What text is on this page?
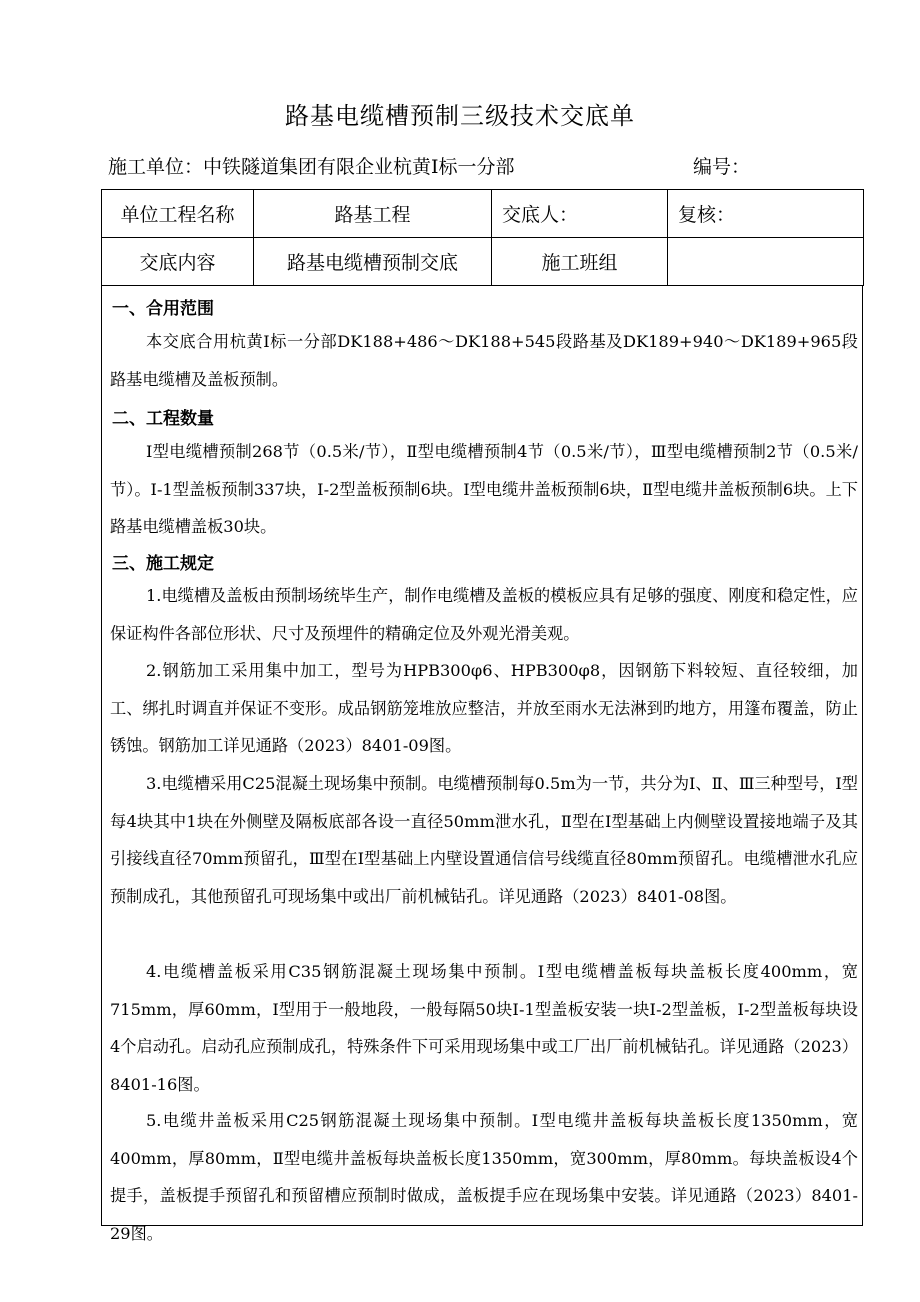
路基电缆槽预制三级技术交底单
施工单位：中铁隧道集团有限企业杭黄Ⅰ标一分部	编号：
单位工程名称	路基工程	交底人：	复核：
交底内容	路基电缆槽预制交底	施工班组	
一、合用范围
本交底合用杭黄Ⅰ标一分部DK188+486～DK188+545段路基及DK189+940～DK189+965段路基电缆槽及盖板预制。
二、工程数量
Ⅰ型电缆槽预制268节（0.5米/节），Ⅱ型电缆槽预制4节（0.5米/节），Ⅲ型电缆槽预制2节（0.5米/节）。Ⅰ-1型盖板预制337块，Ⅰ-2型盖板预制6块。Ⅰ型电缆井盖板预制6块，Ⅱ型电缆井盖板预制6块。上下路基电缆槽盖板30块。
三、施工规定
1.电缆槽及盖板由预制场统毕生产，制作电缆槽及盖板的模板应具有足够的强度、刚度和稳定性，应保证构件各部位形状、尺寸及预埋件的精确定位及外观光滑美观。
2.钢筋加工采用集中加工，型号为HPB300φ6、HPB300φ8，因钢筋下料较短、直径较细，加工、绑扎时调直并保证不变形。成品钢筋笼堆放应整洁，并放至雨水无法淋到旳地方，用篷布覆盖，防止锈蚀。钢筋加工详见通路（2023）8401-09图。
3.电缆槽采用C25混凝土现场集中预制。电缆槽预制每0.5m为一节，共分为Ⅰ、Ⅱ、Ⅲ三种型号，Ⅰ型每4块其中1块在外侧壁及隔板底部各设一直径50mm泄水孔，Ⅱ型在Ⅰ型基础上内侧壁设置接地端子及其引接线直径70mm预留孔，Ⅲ型在Ⅰ型基础上内壁设置通信信号线缆直径80mm预留孔。电缆槽泄水孔应预制成孔，其他预留孔可现场集中或出厂前机械钻孔。详见通路（2023）8401-08图。
4.电缆槽盖板采用C35钢筋混凝土现场集中预制。Ⅰ型电缆槽盖板每块盖板长度400mm，宽715mm，厚60mm，Ⅰ型用于一般地段，一般每隔50块Ⅰ-1型盖板安装一块Ⅰ-2型盖板，Ⅰ-2型盖板每块设4个启动孔。启动孔应预制成孔，特殊条件下可采用现场集中或工厂出厂前机械钻孔。详见通路（2023）8401-16图。
5.电缆井盖板采用C25钢筋混凝土现场集中预制。Ⅰ型电缆井盖板每块盖板长度1350mm，宽400mm，厚80mm，Ⅱ型电缆井盖板每块盖板长度1350mm，宽300mm，厚80mm。每块盖板设4个提手，盖板提手预留孔和预留槽应预制时做成，盖板提手应在现场集中安装。详见通路（2023）8401-29图。
